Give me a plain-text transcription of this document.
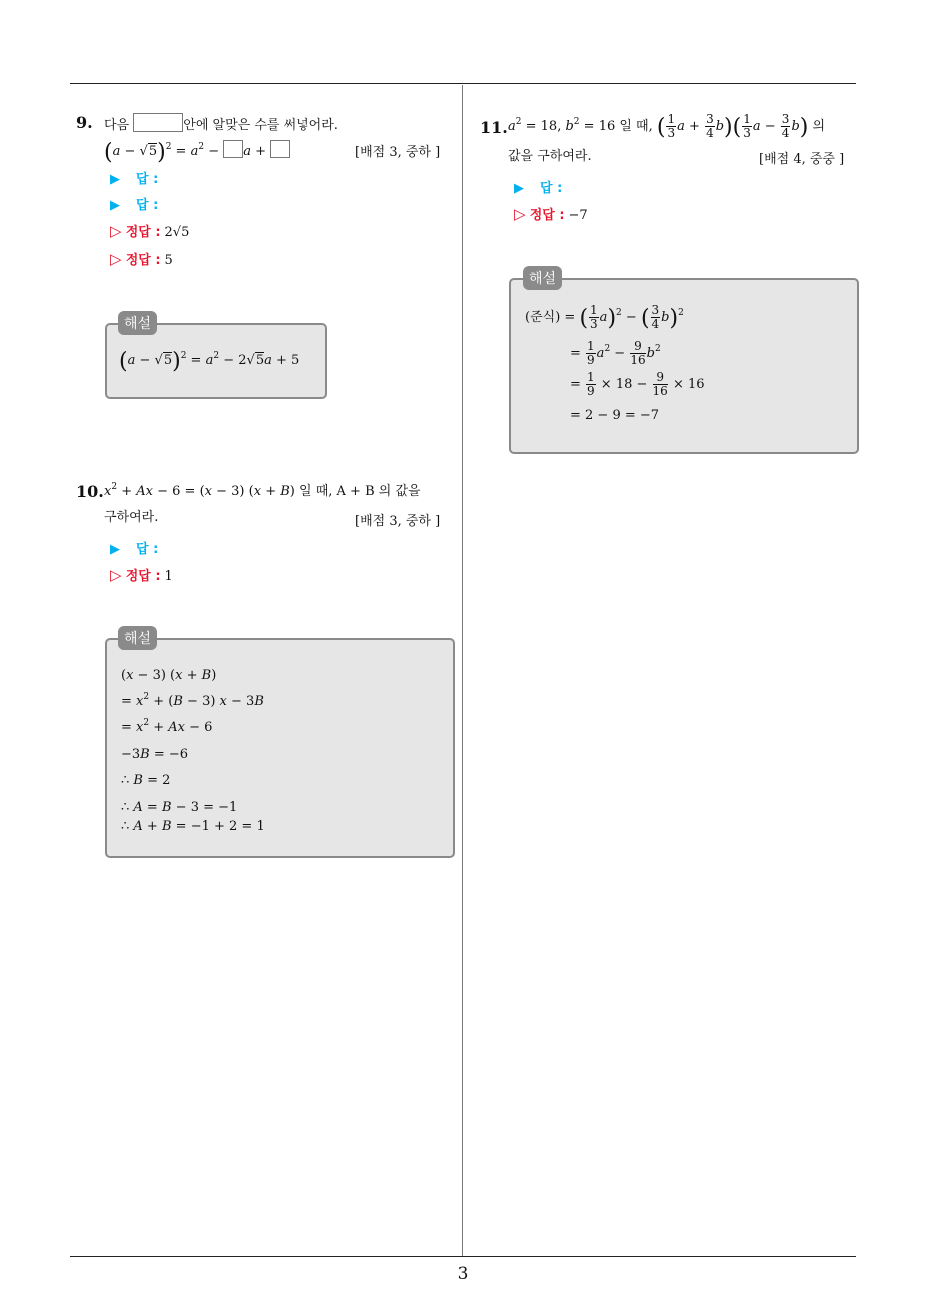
3
9. 다음	안에 알맞은 수를 써넣어라.
$(a - √5)^2 = a^2 - a$ +	[배점 3, 중하 ]
▶ 답 :
▶ 답 :
▷ 정답 : 2√5
▷ 정답 : 5
$(a - √5)^2 = a^2 - 2√5a + 5$
해설
10. $x^2 + Ax - 6 = (x - 3) (x + B)$ 일 때, A + B 의 값을
구하여라.	[배점 3, 중하 ]
▶ 답 :
▷ 정답 : 1
(x − 3) (x + B)
= $x^2 + (B - 3) x - 3B$
= $x^2 + Ax - 6$
−3B = −6
∴ B = 2
∴ A = B − 3 = −1
∴ A + B = −1 + 2 = 1
해설
11. $a^2 = 18$, $b^2 = 16$ 일 때, ( $\frac{1}{3}$ $a + \frac{3}{4} b)( \frac{1}{3}$ $a - \frac{3}{4} b$) 의
값을 구하여라.	[배점 4, 중중 ]
▶ 답 :
▷ 정답 : −7
(준식) = ( $\frac{1}{3} a)^2$ − ( $\frac{3}{4} b)^2$
= $\frac{1}{9} a^2 - \frac{9}{16} b^2$
= $\frac{1}{9} \times 18 - \frac{9}{16} \times 16$
= 2 − 9 = −7
해설
